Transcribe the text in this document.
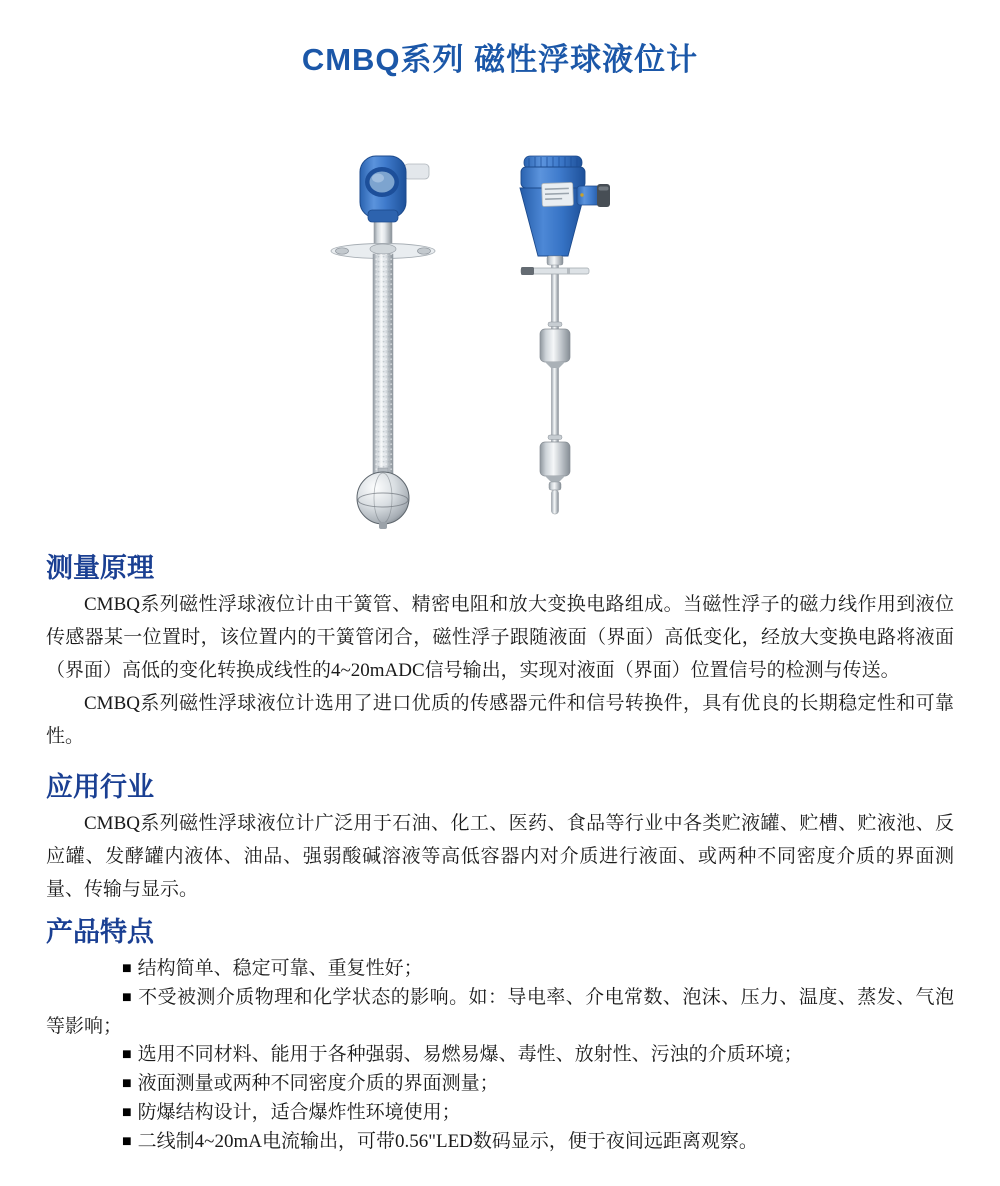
CMBQ系列 磁性浮球液位计
测量原理

CMBQ系列磁性浮球液位计由干簧管、精密电阻和放大变换电路组成。当磁性浮子的磁力线作用到液位传感器某一位置时，该位置内的干簧管闭合，磁性浮子跟随液面（界面）高低变化，经放大变换电路将液面（界面）高低的变化转换成线性的4~20mADC信号输出，实现对液面（界面）位置信号的检测与传送。

CMBQ系列磁性浮球液位计选用了进口优质的传感器元件和信号转换件，具有优良的长期稳定性和可靠性。

应用行业

CMBQ系列磁性浮球液位计广泛用于石油、化工、医药、食品等行业中各类贮液罐、贮槽、贮液池、反应罐、发酵罐内液体、油品、强弱酸碱溶液等高低容器内对介质进行液面、或两种不同密度介质的界面测量、传输与显示。

产品特点

■ 结构简单、稳定可靠、重复性好；

■ 不受被测介质物理和化学状态的影响。如：导电率、介电常数、泡沫、压力、温度、蒸发、气泡等影响；

■ 选用不同材料、能用于各种强弱、易燃易爆、毒性、放射性、污浊的介质环境；

■ 液面测量或两种不同密度介质的界面测量；

■ 防爆结构设计，适合爆炸性环境使用；

■ 二线制4~20mA电流输出，可带0.56"LED数码显示，便于夜间远距离观察。
